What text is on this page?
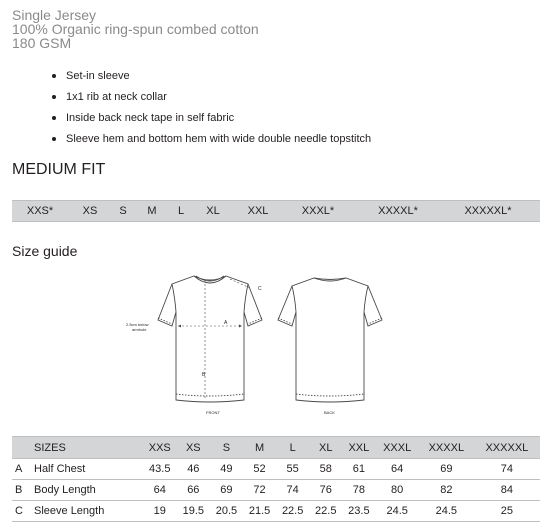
Single Jersey
100% Organic ring-spun combed cotton
180 GSM
Set-in sleeve
1x1 rib at neck collar
Inside back neck tape in self fabric
Sleeve hem and bottom hem with wide double needle topstitch
MEDIUM FIT
XXS*	XS S M L XL	XXL	XXXL*	XXXXL*	XXXXXL*
Size guide
A
B
C
2.5cm below
armhole
FRONT	BACK
	SIZES	XXS	XS	S	M	L	XL	XXL	XXXL	XXXXL	XXXXXL
A	Half Chest	43.5	46	49	52	55	58	61	64	69	74
B	Body Length	64	66	69	72	74	76	78	80	82	84
C	Sleeve Length	19	19.5	20.5	21.5	22.5	22.5	23.5	24.5	24.5	25
